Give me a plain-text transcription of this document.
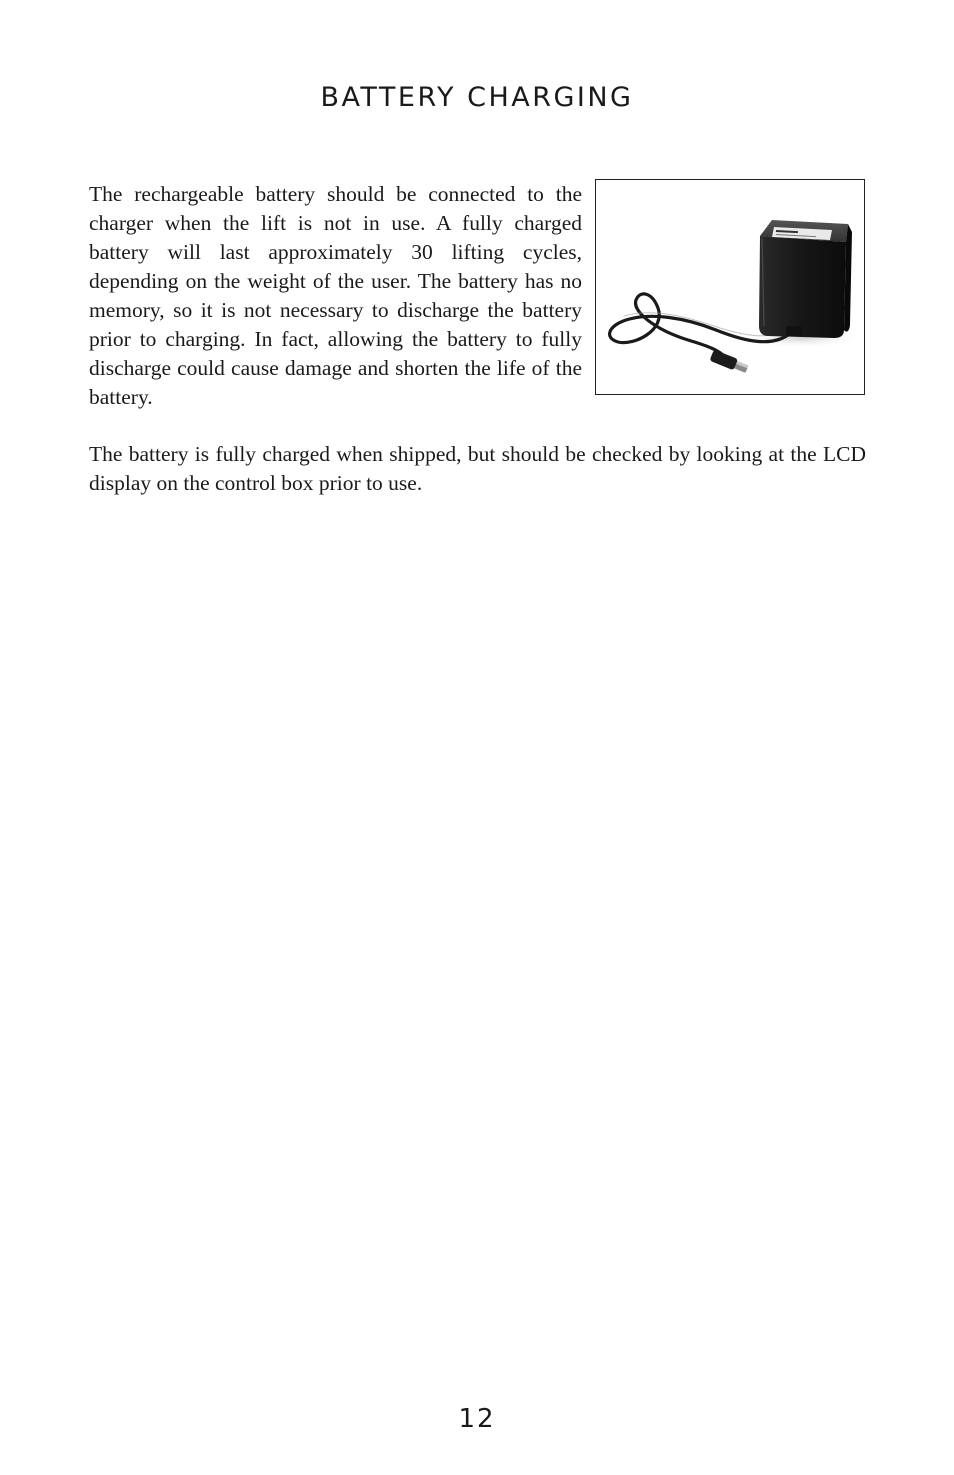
BATTERY CHARGING

The rechargeable battery should be connected to the charger when the lift is not in use. A fully charged battery will last approximately 30 lifting cycles, depending on the weight of the user. The battery has no memory, so it is not necessary to discharge the battery prior to charging. In fact, allowing the battery to fully discharge could cause damage and shorten the life of the battery.

The battery is fully charged when shipped, but should be checked by looking at the LCD display on the control box prior to use.

12
